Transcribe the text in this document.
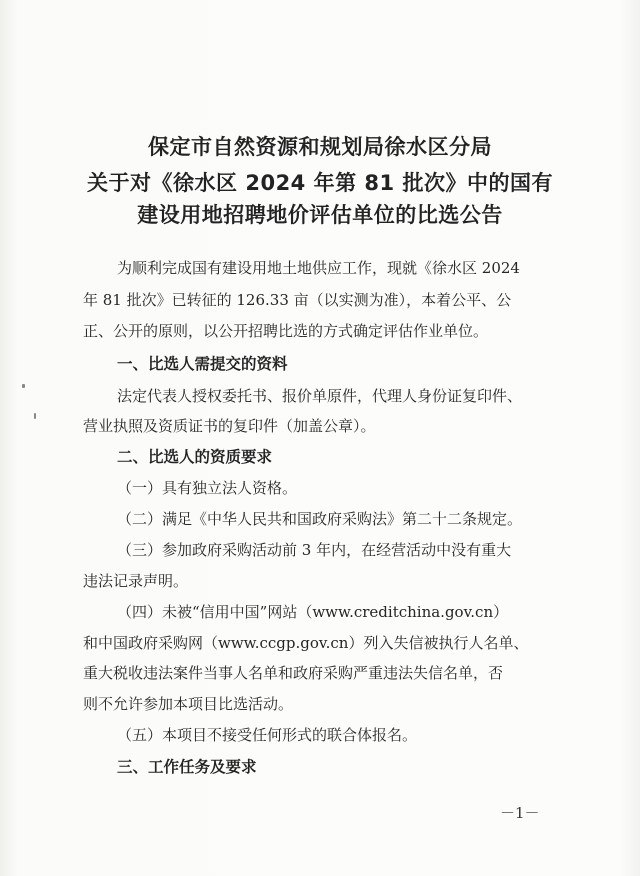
保定市自然资源和规划局徐水区分局
关于对《徐水区 2024 年第 81 批次》中的国有
建设用地招聘地价评估单位的比选公告
为顺利完成国有建设用地土地供应工作，现就《徐水区 2024
年 81 批次》已转征的 126.33 亩（以实测为准），本着公平、公
正、公开的原则，以公开招聘比选的方式确定评估作业单位。
一、比选人需提交的资料
法定代表人授权委托书、报价单原件，代理人身份证复印件、
营业执照及资质证书的复印件（加盖公章）。
二、比选人的资质要求
（一）具有独立法人资格。
（二）满足《中华人民共和国政府采购法》第二十二条规定。
（三）参加政府采购活动前 3 年内，在经营活动中没有重大
违法记录声明。
（四）未被“信用中国”网站（www.creditchina.gov.cn）
和中国政府采购网（www.ccgp.gov.cn）列入失信被执行人名单、
重大税收违法案件当事人名单和政府采购严重违法失信名单，否
则不允许参加本项目比选活动。
（五）本项目不接受任何形式的联合体报名。
三、工作任务及要求
－1－
